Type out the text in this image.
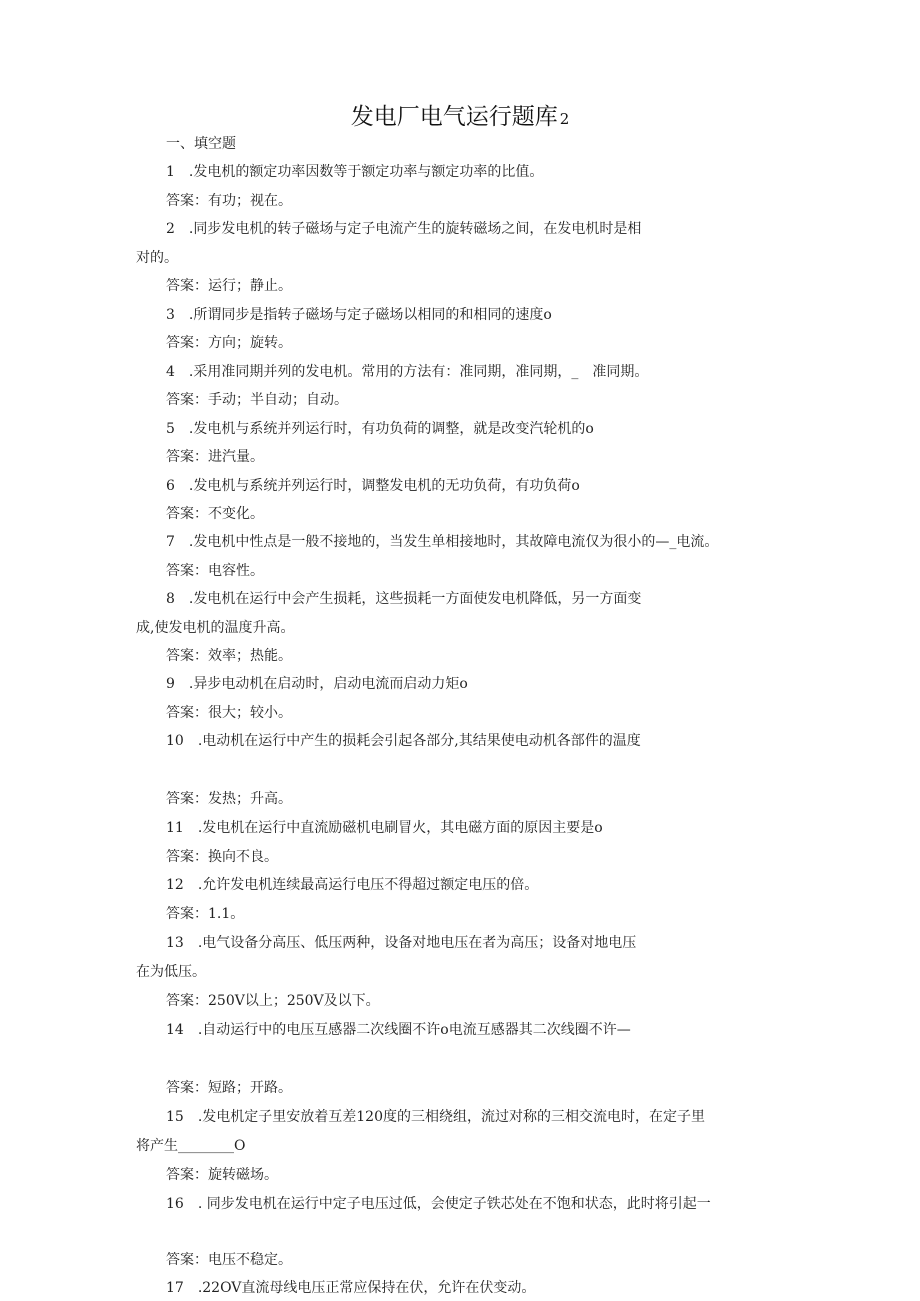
发电厂电气运行题库 2
一、填空题
1　.发电机的额定功率因数等于额定功率与额定功率的比值。
答案：有功；视在。
2　.同步发电机的转子磁场与定子电流产生的旋转磁场之间，在发电机时是相
对的。
答案：运行；静止。
3　.所谓同步是指转子磁场与定子磁场以相同的和相同的速度o
答案：方向；旋转。
4　.采用准同期并列的发电机。常用的方法有：准同期，准同期，_　准同期。
答案：手动；半自动；自动。
5　.发电机与系统并列运行时，有功负荷的调整，就是改变汽轮机的o
答案：进汽量。
6　.发电机与系统并列运行时，调整发电机的无功负荷，有功负荷o
答案：不变化。
7　.发电机中性点是一般不接地的，当发生单相接地时，其故障电流仅为很小的—_电流。
答案：电容性。
8　.发电机在运行中会产生损耗，这些损耗一方面使发电机降低，另一方面变
成,使发电机的温度升高。
答案：效率；热能。
9　.异步电动机在启动时，启动电流而启动力矩o
答案：很大；较小。
10　.电动机在运行中产生的损耗会引起各部分,其结果使电动机各部件的温度
答案：发热；升高。
11　.发电机在运行中直流励磁机电刷冒火，其电磁方面的原因主要是o
答案：换向不良。
12　.允许发电机连续最高运行电压不得超过额定电压的倍。
答案：1.1。
13　.电气设备分高压、低压两种，设备对地电压在者为高压；设备对地电压
在为低压。
答案：250V以上；250V及以下。
14　.自动运行中的电压互感器二次线圈不许o电流互感器其二次线圈不许—
答案：短路；开路。
15　.发电机定子里安放着互差120度的三相绕组，流过对称的三相交流电时，在定子里
将产生________O
答案：旋转磁场。
16　. 同步发电机在运行中定子电压过低，会使定子铁芯处在不饱和状态，此时将引起一
答案：电压不稳定。
17　.22OV直流母线电压正常应保持在伏，允许在伏变动。
